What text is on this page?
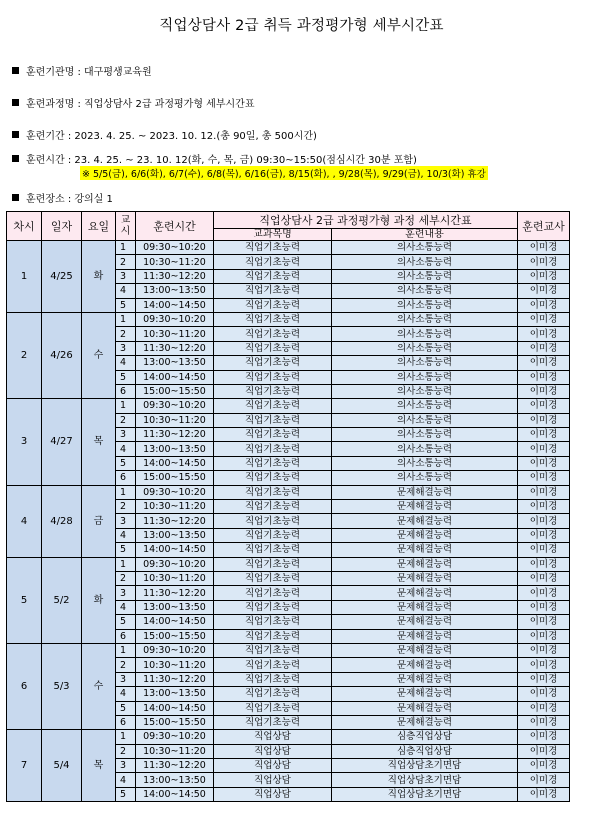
직업상담사 2급 취득 과정평가형 세부시간표
훈련기관명 : 대구평생교육원
훈련과정명 : 직업상담사 2급 과정평가형 세부시간표
훈련기간 : 2023. 4. 25. ~ 2023. 10. 12.(총 90일, 총 500시간)
훈련시간 : 23. 4. 25. ~ 23. 10. 12(화, 수, 목, 금) 09:30~15:50(점심시간 30분 포함)
※ 5/5(금), 6/6(화), 6/7(수), 6/8(목), 6/16(금), 8/15(화), , 9/28(목), 9/29(금), 10/3(화) 휴강
훈련장소 : 강의실 1
차시	일자	요일	교시	훈련시간	직업상담사 2급 과정평가형 과정 세부시간표		훈련교사
					교과목명	훈련내용	
1	4/25	화	1	09:30~10:20	직업기초능력	의사소통능력	이미경
			2	10:30~11:20	직업기초능력	의사소통능력	이미경
			3	11:30~12:20	직업기초능력	의사소통능력	이미경
			4	13:00~13:50	직업기초능력	의사소통능력	이미경
			5	14:00~14:50	직업기초능력	의사소통능력	이미경
2	4/26	수	1	09:30~10:20	직업기초능력	의사소통능력	이미경
			2	10:30~11:20	직업기초능력	의사소통능력	이미경
			3	11:30~12:20	직업기초능력	의사소통능력	이미경
			4	13:00~13:50	직업기초능력	의사소통능력	이미경
			5	14:00~14:50	직업기초능력	의사소통능력	이미경
			6	15:00~15:50	직업기초능력	의사소통능력	이미경
3	4/27	목	1	09:30~10:20	직업기초능력	의사소통능력	이미경
			2	10:30~11:20	직업기초능력	의사소통능력	이미경
			3	11:30~12:20	직업기초능력	의사소통능력	이미경
			4	13:00~13:50	직업기초능력	의사소통능력	이미경
			5	14:00~14:50	직업기초능력	의사소통능력	이미경
			6	15:00~15:50	직업기초능력	의사소통능력	이미경
4	4/28	금	1	09:30~10:20	직업기초능력	문제해결능력	이미경
			2	10:30~11:20	직업기초능력	문제해결능력	이미경
			3	11:30~12:20	직업기초능력	문제해결능력	이미경
			4	13:00~13:50	직업기초능력	문제해결능력	이미경
			5	14:00~14:50	직업기초능력	문제해결능력	이미경
5	5/2	화	1	09:30~10:20	직업기초능력	문제해결능력	이미경
			2	10:30~11:20	직업기초능력	문제해결능력	이미경
			3	11:30~12:20	직업기초능력	문제해결능력	이미경
			4	13:00~13:50	직업기초능력	문제해결능력	이미경
			5	14:00~14:50	직업기초능력	문제해결능력	이미경
			6	15:00~15:50	직업기초능력	문제해결능력	이미경
6	5/3	수	1	09:30~10:20	직업기초능력	문제해결능력	이미경
			2	10:30~11:20	직업기초능력	문제해결능력	이미경
			3	11:30~12:20	직업기초능력	문제해결능력	이미경
			4	13:00~13:50	직업기초능력	문제해결능력	이미경
			5	14:00~14:50	직업기초능력	문제해결능력	이미경
			6	15:00~15:50	직업기초능력	문제해결능력	이미경
7	5/4	목	1	09:30~10:20	직업상담	심층직업상담	이미경
			2	10:30~11:20	직업상담	심층직업상담	이미경
			3	11:30~12:20	직업상담	직업상담초기면담	이미경
			4	13:00~13:50	직업상담	직업상담초기면담	이미경
			5	14:00~14:50	직업상담	직업상담초기면담	이미경
